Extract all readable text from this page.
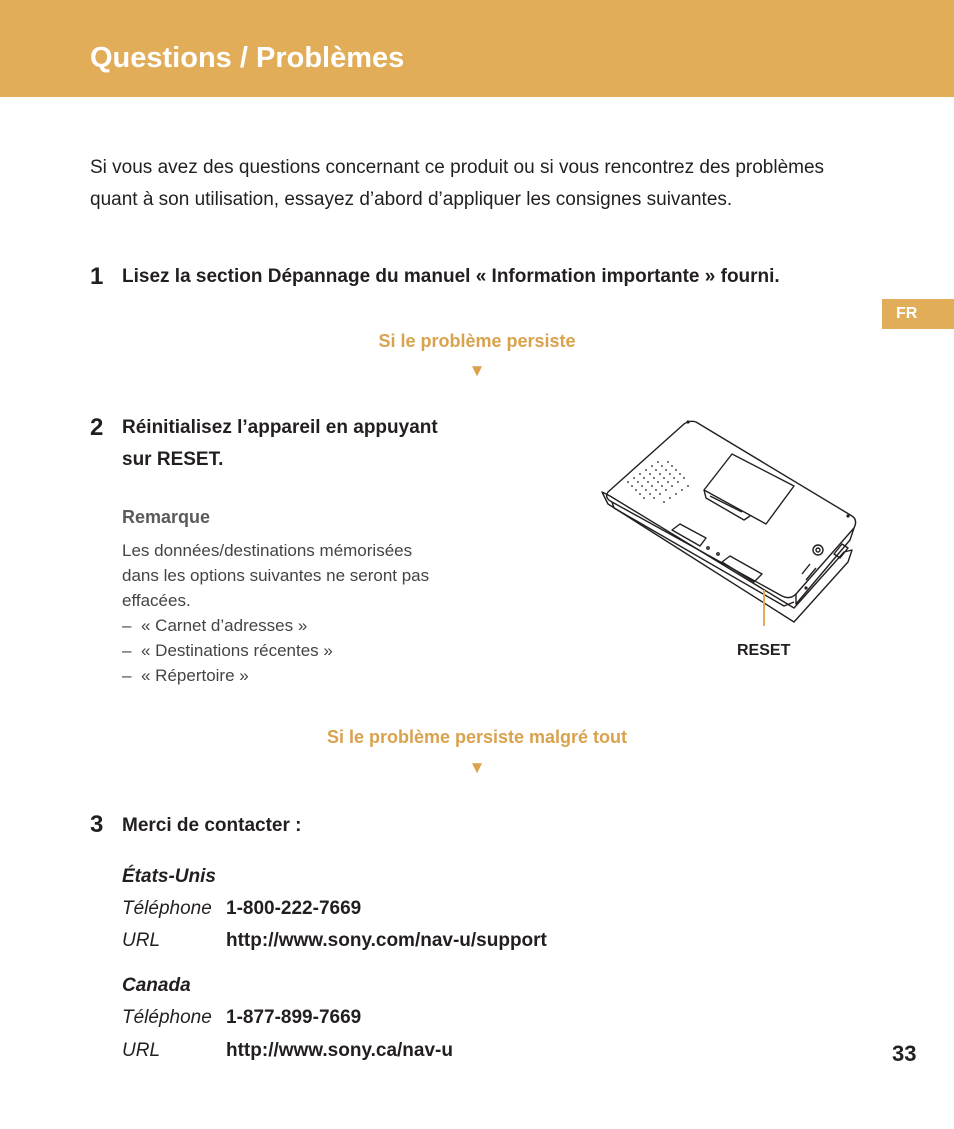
Questions / Problèmes
FR

Si vous avez des questions concernant ce produit ou si vous rencontrez des problèmes quant à son utilisation, essayez d’abord d’appliquer les consignes suivantes.

1 Lisez la section Dépannage du manuel « Information importante » fourni.

Si le problème persiste
▼
2 Réinitialisez l’appareil en appuyant

sur RESET.

Remarque
Les données/destinations mémorisées
dans les options suivantes ne seront pas
effacées.
– « Carnet d’adresses »
– « Destinations récentes »
– « Répertoire »
RESET
Si le problème persiste malgré tout
▼
3 Merci de contacter :

États-Unis
Téléphone 1-800-222-7669
URL	http://www.sony.com/nav-u/support
Canada
Téléphone 1-877-899-7669
URL	http://www.sony.ca/nav-u	33
